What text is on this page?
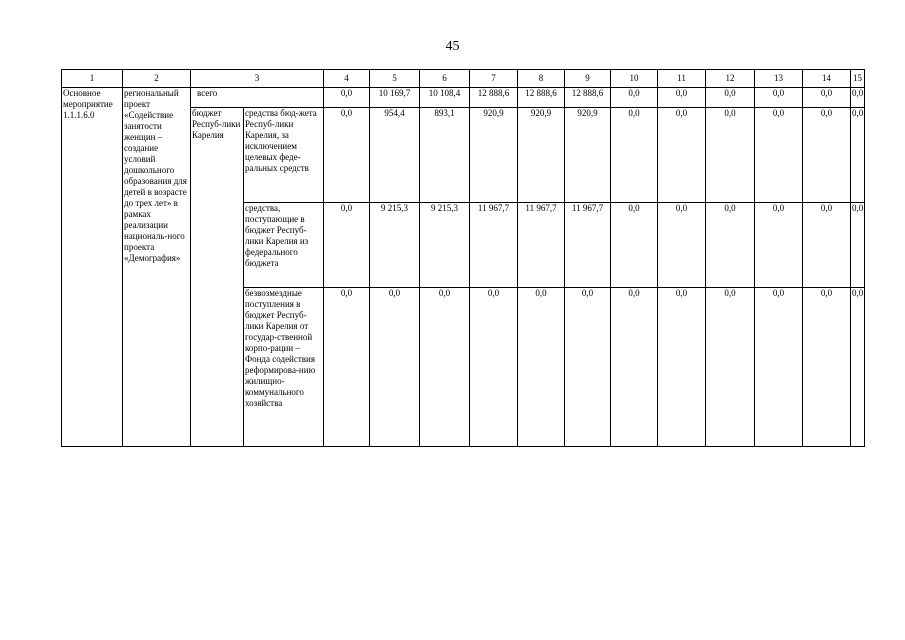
45
1	2	3		4	5	6	7	8	9	10	11	12	13	14	15
Основное мероприятие 1.1.1.6.0	региональный проект «Содействие занятости женщин – создание условий дошкольного образования для детей в возрасте до трех лет» в рамках реализации националь-ного проекта «Демография»	всего		0,0	10 169,7	10 108,4	12 888,6	12 888,6	12 888,6	0,0	0,0	0,0	0,0	0,0	0,0
		бюджет Респуб-лики Карелия	средства бюд-жета Респуб-лики Карелия, за исключением целевых феде-ральных средств	0,0	954,4	893,1	920,9	920,9	920,9	0,0	0,0	0,0	0,0	0,0	0,0
			средства, поступающие в бюджет Респуб-лики Карелия из федерального бюджета	0,0	9 215,3	9 215,3	11 967,7	11 967,7	11 967,7	0,0	0,0	0,0	0,0	0,0	0,0
			безвозмездные поступления в бюджет Респуб-лики Карелия от государ-ственной корпо-рации – Фонда содействия реформирова-нию жилищно-коммунального хозяйства	0,0	0,0	0,0	0,0	0,0	0,0	0,0	0,0	0,0	0,0	0,0	0,0
